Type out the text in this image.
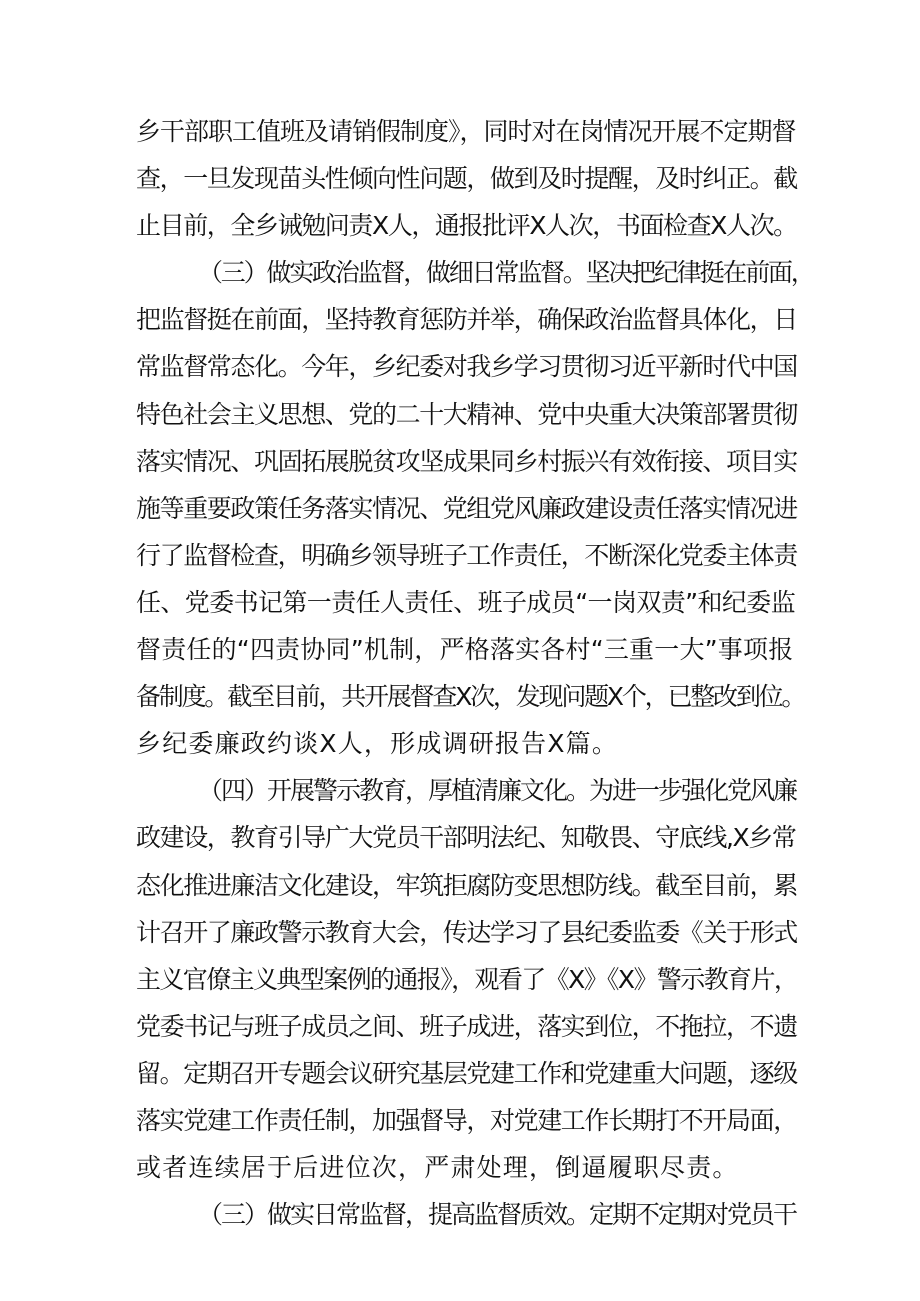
乡干部职工值班及请销假制度》，同时对在岗情况开展不定期督
查，一旦发现苗头性倾向性问题，做到及时提醒，及时纠正。截
止目前，全乡诫勉问责X人，通报批评X人次，书面检查X人次。
（三）做实政治监督，做细日常监督。坚决把纪律挺在前面，
把监督挺在前面，坚持教育惩防并举，确保政治监督具体化，日
常监督常态化。今年，乡纪委对我乡学习贯彻习近平新时代中国
特色社会主义思想、党的二十大精神、党中央重大决策部署贯彻
落实情况、巩固拓展脱贫攻坚成果同乡村振兴有效衔接、项目实
施等重要政策任务落实情况、党组党风廉政建设责任落实情况进
行了监督检查，明确乡领导班子工作责任，不断深化党委主体责
任、党委书记第一责任人责任、班子成员“一岗双责”和纪委监
督责任的“四责协同”机制，严格落实各村“三重一大”事项报
备制度。截至目前，共开展督查X次，发现问题X个，已整改到位。
乡纪委廉政约谈X人，形成调研报告X篇。
（四）开展警示教育，厚植清廉文化。为进一步强化党风廉
政建设，教育引导广大党员干部明法纪、知敬畏、守底线,X乡常
态化推进廉洁文化建设，牢筑拒腐防变思想防线。截至目前，累
计召开了廉政警示教育大会，传达学习了县纪委监委《关于形式
主义官僚主义典型案例的通报》，观看了《X》《X》警示教育片，
党委书记与班子成员之间、班子成进，落实到位，不拖拉，不遗
留。定期召开专题会议研究基层党建工作和党建重大问题，逐级
落实党建工作责任制，加强督导，对党建工作长期打不开局面，
或者连续居于后进位次，严肃处理，倒逼履职尽责。
（三）做实日常监督，提高监督质效。定期不定期对党员干
